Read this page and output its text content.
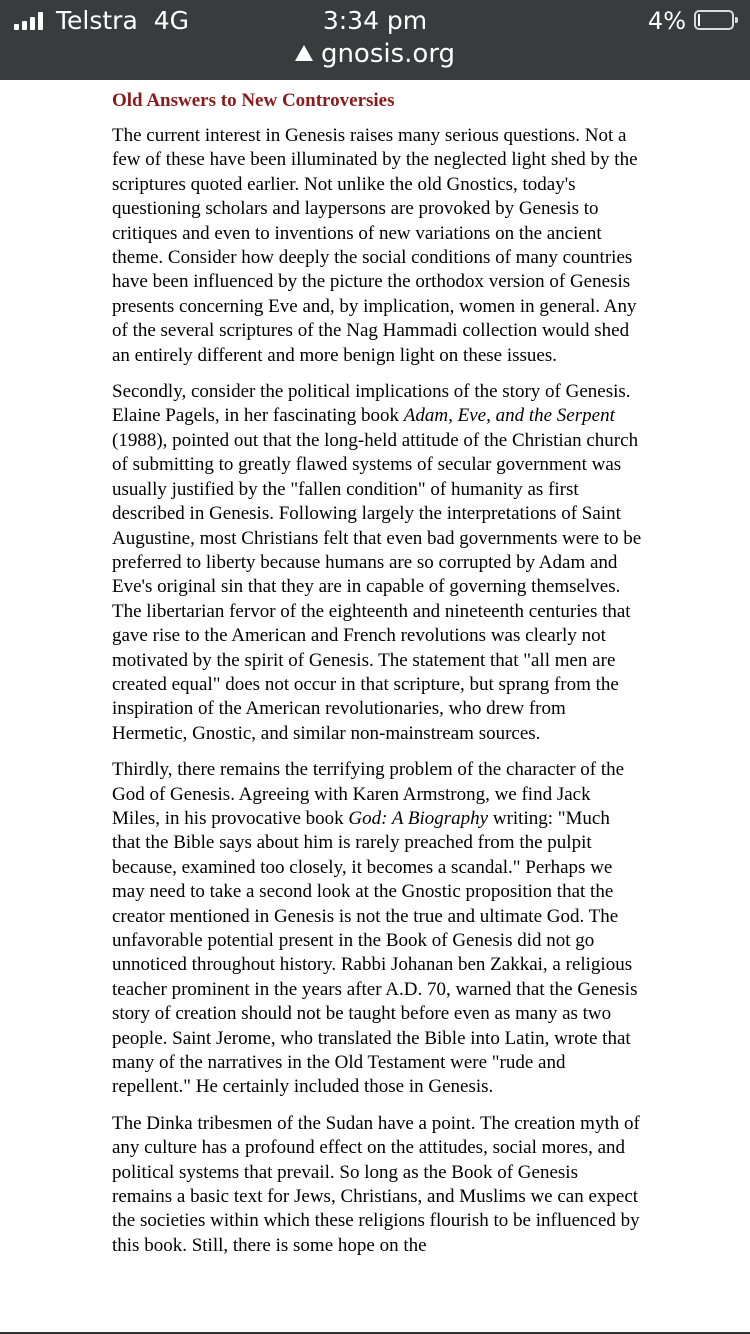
Telstra 4G	3:34 pm
gnosis.org
4%
Old Answers to New Controversies

The current interest in Genesis raises many serious questions. Not a few of these have been illuminated by the neglected light shed by the scriptures quoted earlier. Not unlike the old Gnostics, today's questioning scholars and laypersons are provoked by Genesis to critiques and even to inventions of new variations on the ancient theme. Consider how deeply the social conditions of many countries have been influenced by the picture the orthodox version of Genesis presents concerning Eve and, by implication, women in general. Any of the several scriptures of the Nag Hammadi collection would shed an entirely different and more benign light on these issues.

Secondly, consider the political implications of the story of Genesis. Elaine Pagels, in her fascinating book Adam, Eve, and the Serpent (1988), pointed out that the long-held attitude of the Christian church of submitting to greatly flawed systems of secular government was usually justified by the "fallen condition" of humanity as first described in Genesis. Following largely the interpretations of Saint Augustine, most Christians felt that even bad governments were to be preferred to liberty because humans are so corrupted by Adam and Eve's original sin that they are in capable of governing themselves. The libertarian fervor of the eighteenth and nineteenth centuries that gave rise to the American and French revolutions was clearly not motivated by the spirit of Genesis. The statement that "all men are created equal" does not occur in that scripture, but sprang from the inspiration of the American revolutionaries, who drew from Hermetic, Gnostic, and similar non-mainstream sources.

Thirdly, there remains the terrifying problem of the character of the God of Genesis. Agreeing with Karen Armstrong, we find Jack Miles, in his provocative book God: A Biography writing: "Much that the Bible says about him is rarely preached from the pulpit because, examined too closely, it becomes a scandal." Perhaps we may need to take a second look at the Gnostic proposition that the creator mentioned in Genesis is not the true and ultimate God. The unfavorable potential present in the Book of Genesis did not go unnoticed throughout history. Rabbi Johanan ben Zakkai, a religious teacher prominent in the years after A.D. 70, warned that the Genesis story of creation should not be taught before even as many as two people. Saint Jerome, who translated the Bible into Latin, wrote that many of the narratives in the Old Testament were "rude and repellent." He certainly included those in Genesis.

The Dinka tribesmen of the Sudan have a point. The creation myth of any culture has a profound effect on the attitudes, social mores, and political systems that prevail. So long as the Book of Genesis remains a basic text for Jews, Christians, and Muslims we can expect the societies within which these religions flourish to be influenced by this book. Still, there is some hope on the
